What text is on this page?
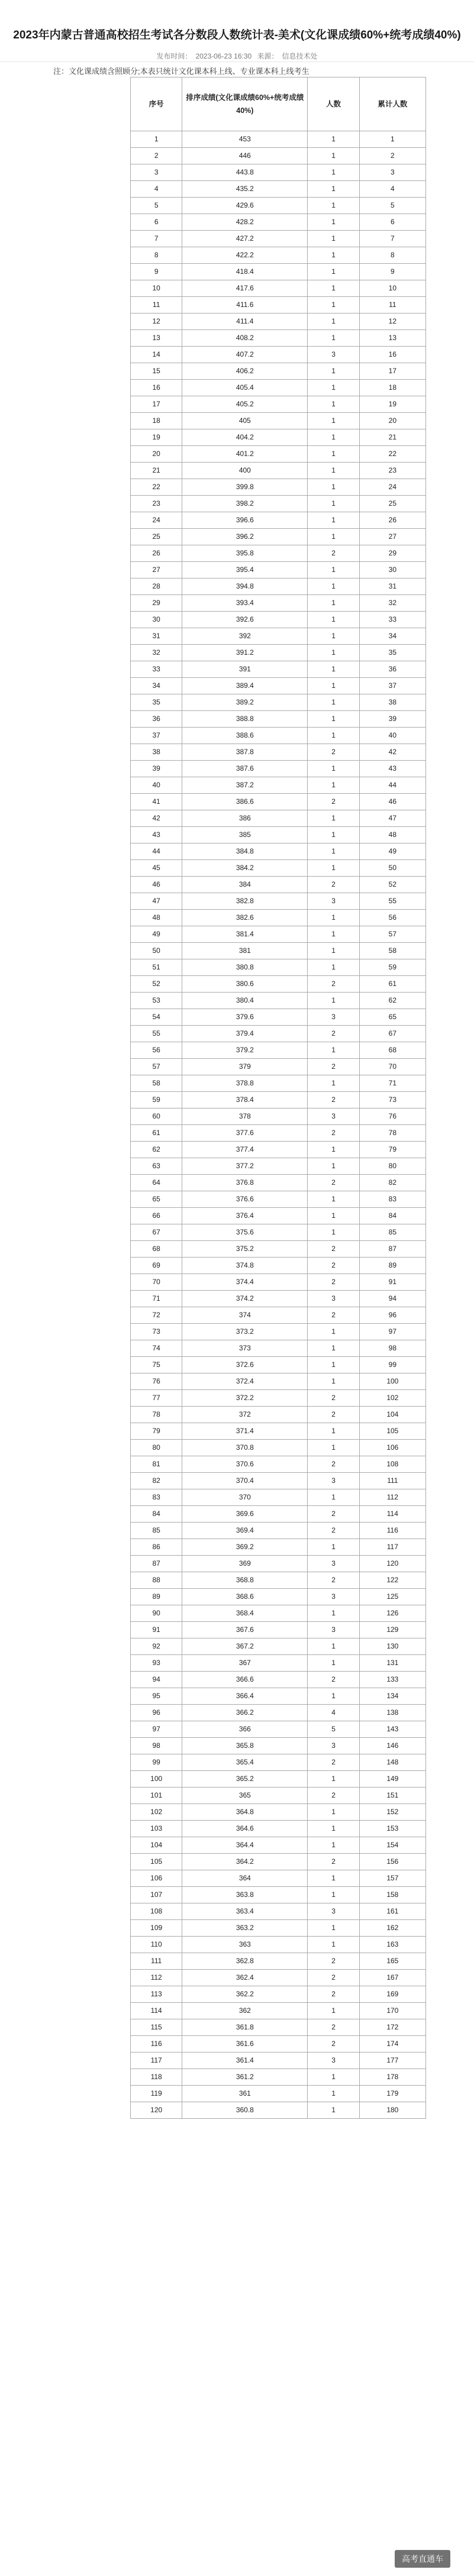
2023年内蒙古普通高校招生考试各分数段人数统计表-美术(文化课成绩60%+统考成绩40%)
发布时间： 2023-06-23 16:30 来源： 信息技术处
注：文化课成绩含照顾分;本表只统计文化课本科上线、专业课本科上线考生
序号	排序成绩(文化课成绩60%+统考成绩40%)	人数	累计人数
1	453	1	1
2	446	1	2
3	443.8	1	3
4	435.2	1	4
5	429.6	1	5
6	428.2	1	6
7	427.2	1	7
8	422.2	1	8
9	418.4	1	9
10	417.6	1	10
11	411.6	1	11
12	411.4	1	12
13	408.2	1	13
14	407.2	3	16
15	406.2	1	17
16	405.4	1	18
17	405.2	1	19
18	405	1	20
19	404.2	1	21
20	401.2	1	22
21	400	1	23
22	399.8	1	24
23	398.2	1	25
24	396.6	1	26
25	396.2	1	27
26	395.8	2	29
27	395.4	1	30
28	394.8	1	31
29	393.4	1	32
30	392.6	1	33
31	392	1	34
32	391.2	1	35
33	391	1	36
34	389.4	1	37
35	389.2	1	38
36	388.8	1	39
37	388.6	1	40
38	387.8	2	42
39	387.6	1	43
40	387.2	1	44
41	386.6	2	46
42	386	1	47
43	385	1	48
44	384.8	1	49
45	384.2	1	50
46	384	2	52
47	382.8	3	55
48	382.6	1	56
49	381.4	1	57
50	381	1	58
51	380.8	1	59
52	380.6	2	61
53	380.4	1	62
54	379.6	3	65
55	379.4	2	67
56	379.2	1	68
57	379	2	70
58	378.8	1	71
59	378.4	2	73
60	378	3	76
61	377.6	2	78
62	377.4	1	79
63	377.2	1	80
64	376.8	2	82
65	376.6	1	83
66	376.4	1	84
67	375.6	1	85
68	375.2	2	87
69	374.8	2	89
70	374.4	2	91
71	374.2	3	94
72	374	2	96
73	373.2	1	97
74	373	1	98
75	372.6	1	99
76	372.4	1	100
77	372.2	2	102
78	372	2	104
79	371.4	1	105
80	370.8	1	106
81	370.6	2	108
82	370.4	3	111
83	370	1	112
84	369.6	2	114
85	369.4	2	116
86	369.2	1	117
87	369	3	120
88	368.8	2	122
89	368.6	3	125
90	368.4	1	126
91	367.6	3	129
92	367.2	1	130
93	367	1	131
94	366.6	2	133
95	366.4	1	134
96	366.2	4	138
97	366	5	143
98	365.8	3	146
99	365.4	2	148
100	365.2	1	149
101	365	2	151
102	364.8	1	152
103	364.6	1	153
104	364.4	1	154
105	364.2	2	156
106	364	1	157
107	363.8	1	158
108	363.4	3	161
109	363.2	1	162
110	363	1	163
111	362.8	2	165
112	362.4	2	167
113	362.2	2	169
114	362	1	170
115	361.8	2	172
116	361.6	2	174
117	361.4	3	177
118	361.2	1	178
119	361	1	179
120	360.8	1	180
高考直通车
